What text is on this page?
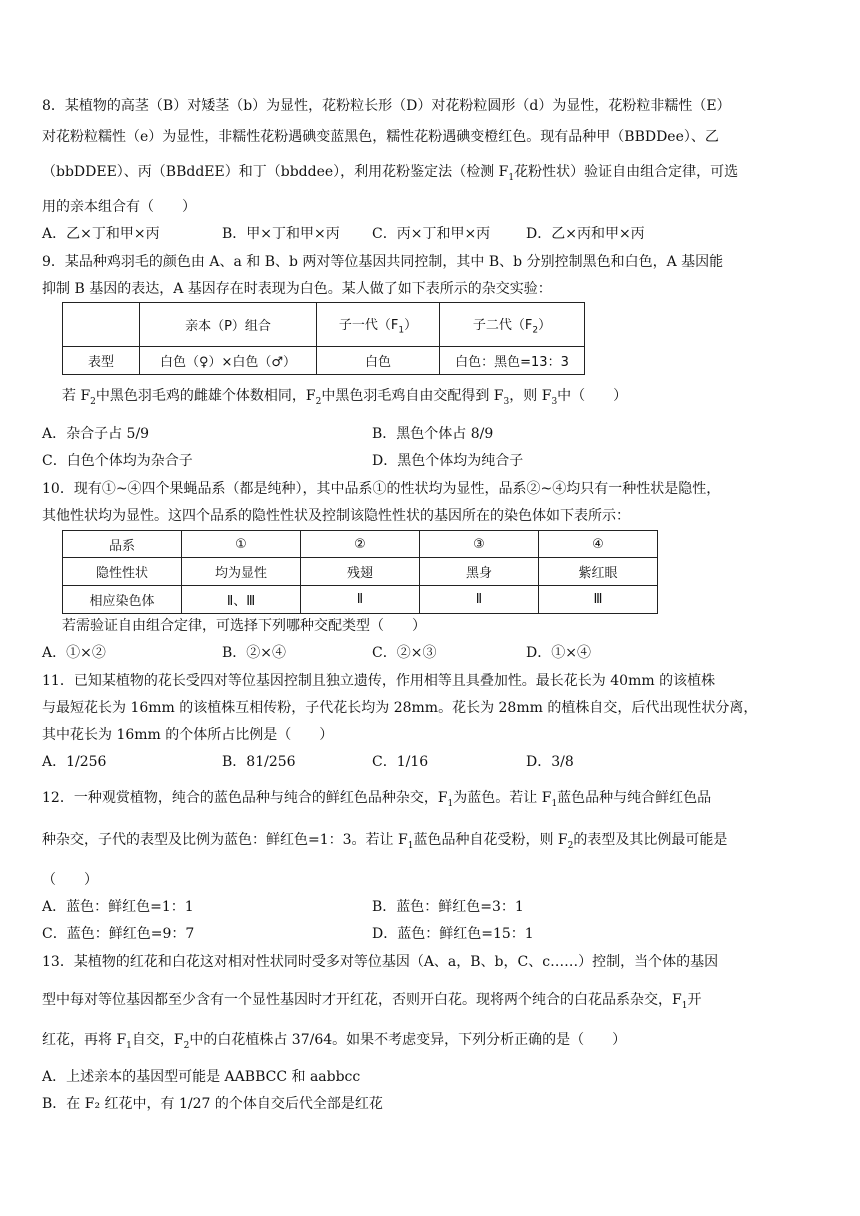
8．某植物的高茎（B）对矮茎（b）为显性，花粉粒长形（D）对花粉粒圆形（d）为显性，花粉粒非糯性（E）
对花粉粒糯性（e）为显性，非糯性花粉遇碘变蓝黑色，糯性花粉遇碘变橙红色。现有品种甲（BBDDee）、乙
（bbDDEE）、丙（BBddEE）和丁（bbddee），利用花粉鉴定法（检测 $F_1$花粉性状）验证自由组合定律，可选
用的亲本组合有（　　）
A．乙×丁和甲×丙	B．甲×丁和甲×丙 C．丙×丁和甲×丙	D．乙×丙和甲×丙
9．某品种鸡羽毛的颜色由 A、a 和 B、b 两对等位基因共同控制，其中 B、b 分别控制黑色和白色，A 基因能
抑制 B 基因的表达，A 基因存在时表现为白色。某人做了如下表所示的杂交实验：
	亲本（P）组合	子一代$(F_1)$	子二代$(F_2)$
表型	白色（♀）×白色（♂）	白色	白色：黑色=13：3
若 $F_2$中黑色羽毛鸡的雌雄个体数相同，$F_2$中黑色羽毛鸡自由交配得到 $F_3$，则 $F_3$中（　　）
A．杂合子占 5/9	B．黑色个体占 8/9
C．白色个体均为杂合子	D．黑色个体均为纯合子
10．现有①~④四个果蝇品系（都是纯种），其中品系①的性状均为显性，品系②~④均只有一种性状是隐性，
其他性状均为显性。这四个品系的隐性性状及控制该隐性性状的基因所在的染色体如下表所示：
品系	①	②	③	④
隐性性状	均为显性	残翅	黑身	紫红眼
相应染色体	Ⅱ、Ⅲ	Ⅱ	Ⅱ	Ⅲ
若需验证自由组合定律，可选择下列哪种交配类型（　　）
A．①×②	B．②×④	C．②×③	D．①×④
11．已知某植物的花长受四对等位基因控制且独立遗传，作用相等且具叠加性。最长花长为 40mm 的该植株
与最短花长为 16mm 的该植株互相传粉，子代花长均为 28mm。花长为 28mm 的植株自交，后代出现性状分离，
其中花长为 16mm 的个体所占比例是（　　）
A．1/256	B．81/256	C．1/16	D．3/8
12．一种观赏植物，纯合的蓝色品种与纯合的鲜红色品种杂交，$F_1$为蓝色。若让 $F_1$蓝色品种与纯合鲜红色品
种杂交，子代的表型及比例为蓝色：鲜红色=1：3。若让 $F_1$蓝色品种自花受粉，则 $F_2$的表型及其比例最可能是
（　　）
A．蓝色：鲜红色=1：1	B．蓝色：鲜红色=3：1
C．蓝色：鲜红色=9：7	D．蓝色：鲜红色=15：1
13．某植物的红花和白花这对相对性状同时受多对等位基因（A、a，B、b，C、c……）控制，当个体的基因
型中每对等位基因都至少含有一个显性基因时才开红花，否则开白花。现将两个纯合的白花品系杂交，$F_1$开
红花，再将 $F_1$自交，$F_2$中的白花植株占 37/64。如果不考虑变异，下列分析正确的是（　　）
A．上述亲本的基因型可能是 AABBCC 和 aabbcc
B．在 F₂ 红花中，有 1/27 的个体自交后代全部是红花
